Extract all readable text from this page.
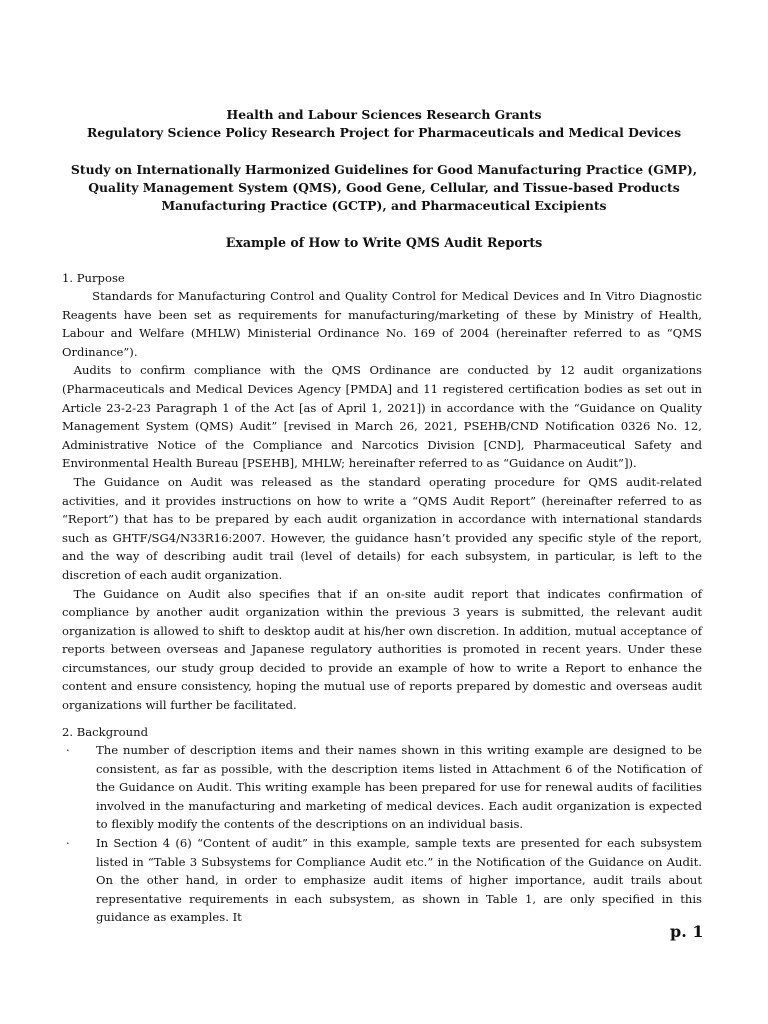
Health and Labour Sciences Research Grants
Regulatory Science Policy Research Project for Pharmaceuticals and Medical Devices
Study on Internationally Harmonized Guidelines for Good Manufacturing Practice (GMP), Quality Management System (QMS), Good Gene, Cellular, and Tissue-based Products Manufacturing Practice (GCTP), and Pharmaceutical Excipients
Example of How to Write QMS Audit Reports
1. Purpose

Standards for Manufacturing Control and Quality Control for Medical Devices and In Vitro Diagnostic Reagents have been set as requirements for manufacturing/marketing of these by Ministry of Health, Labour and Welfare (MHLW) Ministerial Ordinance No. 169 of 2004 (hereinafter referred to as “QMS Ordinance”).

Audits to confirm compliance with the QMS Ordinance are conducted by 12 audit organizations (Pharmaceuticals and Medical Devices Agency [PMDA] and 11 registered certification bodies as set out in Article 23-2-23 Paragraph 1 of the Act [as of April 1, 2021]) in accordance with the “Guidance on Quality Management System (QMS) Audit” [revised in March 26, 2021, PSEHB/CND Notification 0326 No. 12, Administrative Notice of the Compliance and Narcotics Division [CND], Pharmaceutical Safety and Environmental Health Bureau [PSEHB], MHLW; hereinafter referred to as “Guidance on Audit”]).

The Guidance on Audit was released as the standard operating procedure for QMS audit-related activities, and it provides instructions on how to write a “QMS Audit Report” (hereinafter referred to as “Report”) that has to be prepared by each audit organization in accordance with international standards such as GHTF/SG4/N33R16:2007. However, the guidance hasn’t provided any specific style of the report, and the way of describing audit trail (level of details) for each subsystem, in particular, is left to the discretion of each audit organization.

The Guidance on Audit also specifies that if an on-site audit report that indicates confirmation of compliance by another audit organization within the previous 3 years is submitted, the relevant audit organization is allowed to shift to desktop audit at his/her own discretion. In addition, mutual acceptance of reports between overseas and Japanese regulatory authorities is promoted in recent years. Under these circumstances, our study group decided to provide an example of how to write a Report to enhance the content and ensure consistency, hoping the mutual use of reports prepared by domestic and overseas audit organizations will further be facilitated.

2. Background
· The number of description items and their names shown in this writing example are designed to be consistent, as far as possible, with the description items listed in Attachment 6 of the Notification of the Guidance on Audit. This writing example has been prepared for use for renewal audits of facilities involved in the manufacturing and marketing of medical devices. Each audit organization is expected to flexibly modify the contents of the descriptions on an individual basis.
· In Section 4 (6) “Content of audit” in this example, sample texts are presented for each subsystem listed in “Table 3 Subsystems for Compliance Audit etc.” in the Notification of the Guidance on Audit. On the other hand, in order to emphasize audit items of higher importance, audit trails about representative requirements in each subsystem, as shown in Table 1, are only specified in this guidance as examples. It
p. 1
